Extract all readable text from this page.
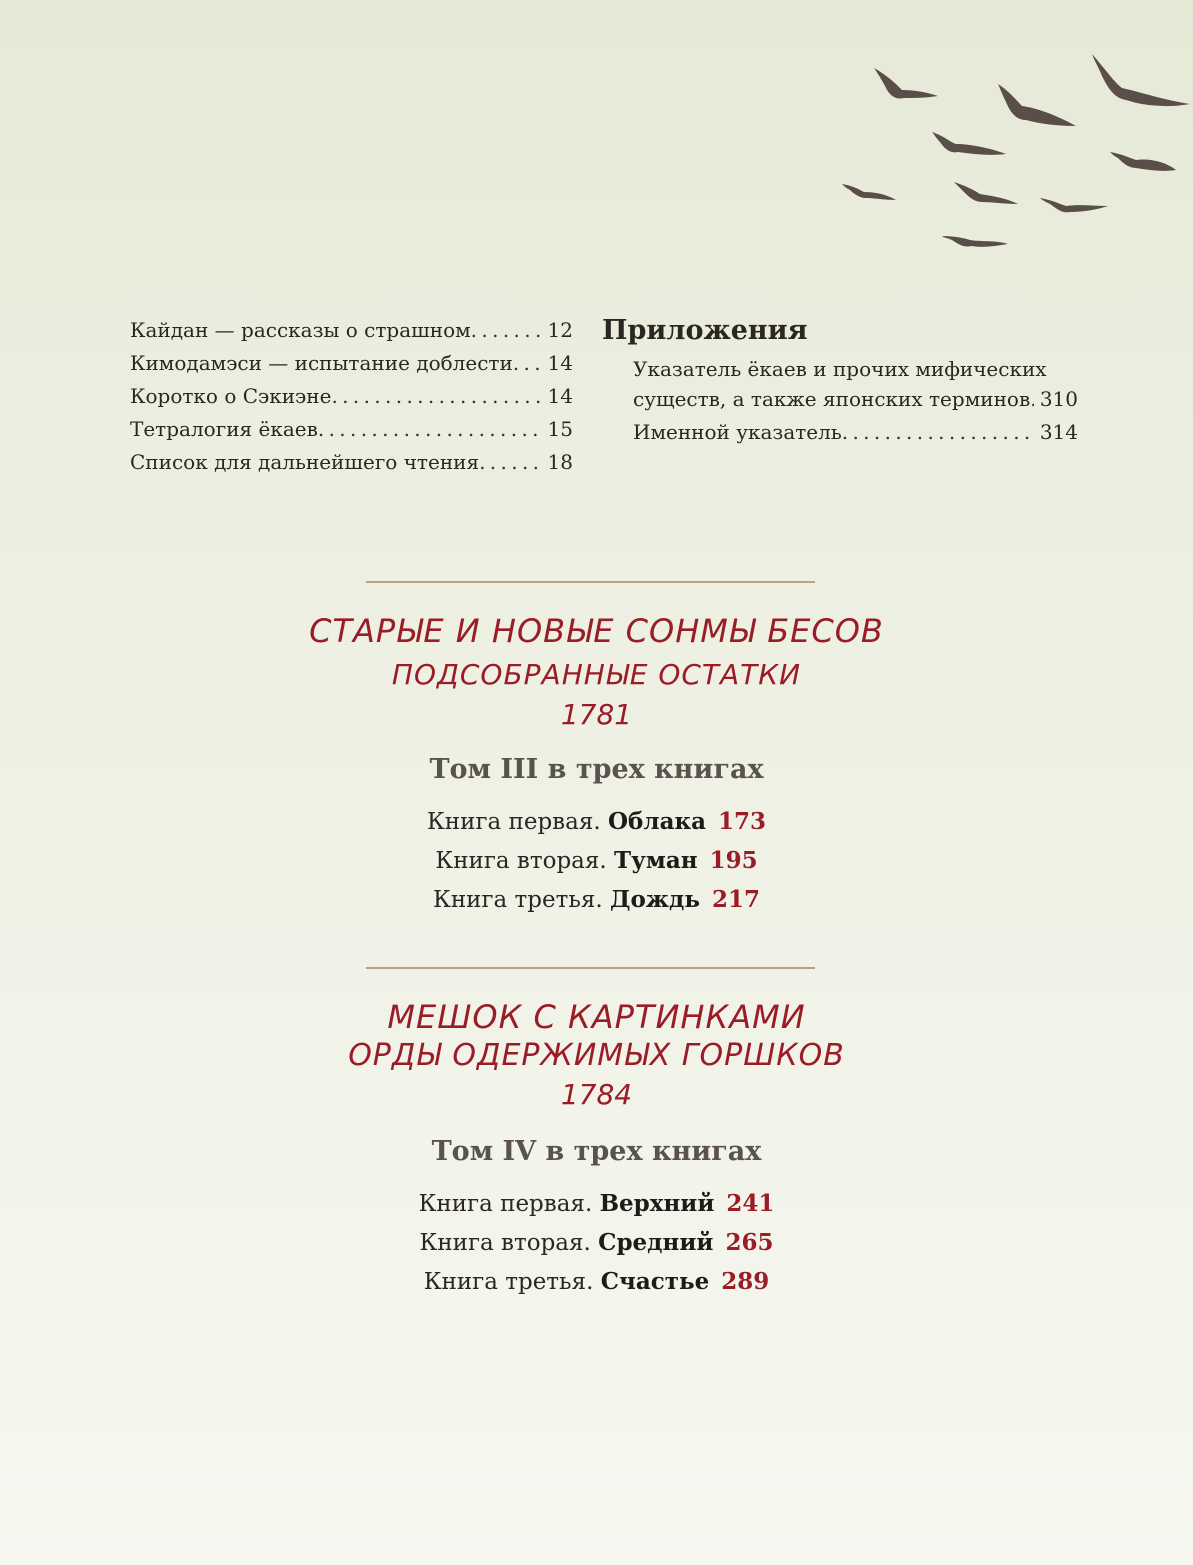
Кайдан — рассказы о страшном . . .	12
Кимодамэси — испытание доблести . . .	14
Коротко о Сэкиэнe . . .	14
Тетралогия ёкаев . . .	15
Список для дальнейшего чтения . . .	18
Приложения
Указатель ёкаев и прочих мифических
существ, а также японских терминов . . . 310
Именной указатель . . .	314
СТАРЫЕ И НОВЫЕ СОНМЫ БЕСОВ
ПОДСОБРАННЫЕ ОСТАТКИ
1781
Том III в трех книгах
Книга первая. Облака 173
Книга вторая. Туман 195
Книга третья. Дождь 217
МЕШОК С КАРТИНКАМИ
ОРДЫ ОДЕРЖИМЫХ ГОРШКОВ
1784
Том IV в трех книгах
Книга первая. Верхний 241
Книга вторая. Средний 265
Книга третья. Счастье 289
